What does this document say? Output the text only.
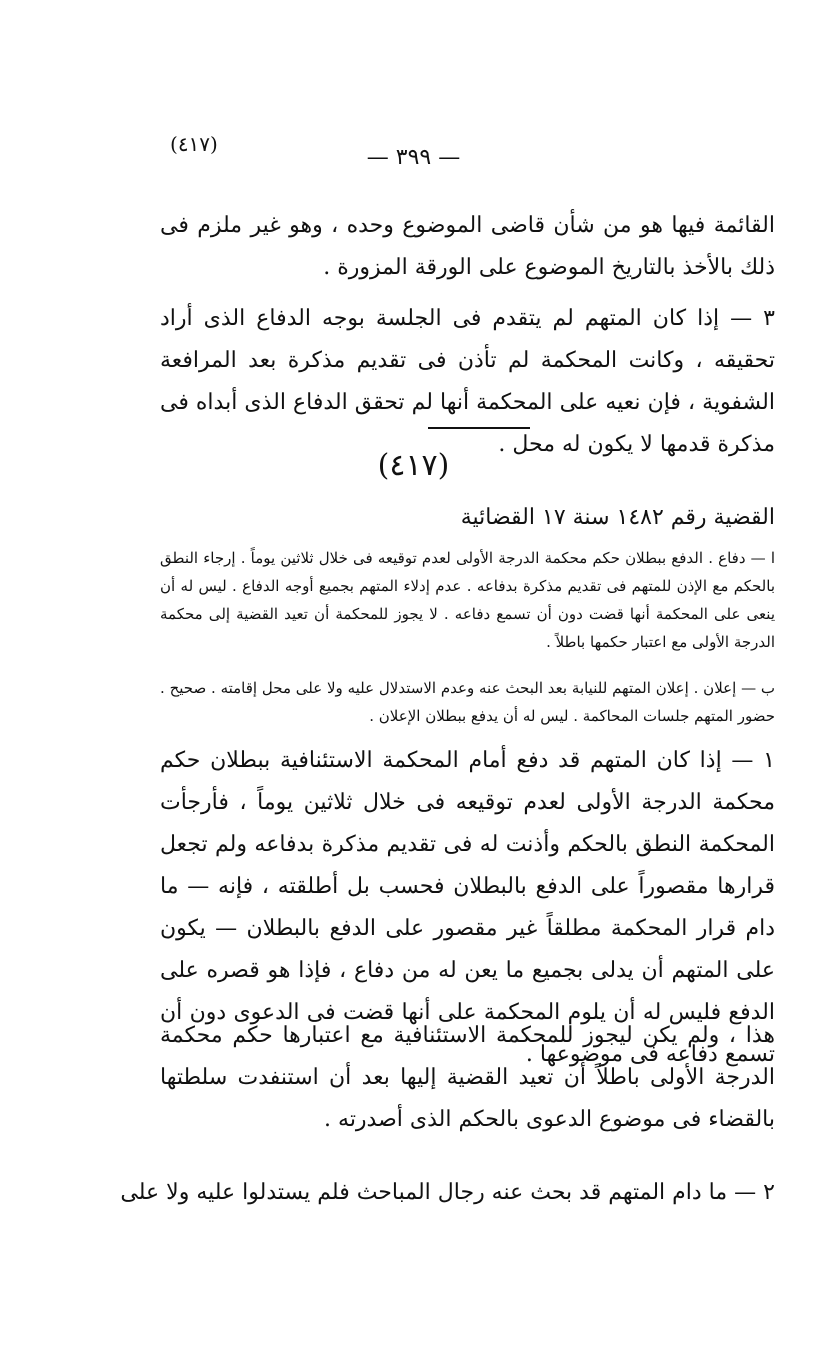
(٤١٧)
— ٣٩٩ —
القائمة فيها هو من شأن قاضى الموضوع وحده ، وهو غير ملزم فى ذلك بالأخذ بالتاريخ الموضوع على الورقة المزورة .
٣ — إذا كان المتهم لم يتقدم فى الجلسة بوجه الدفاع الذى أراد تحقيقه ، وكانت المحكمة لم تأذن فى تقديم مذكرة بعد المرافعة الشفوية ، فإن نعيه على المحكمة أنها لم تحقق الدفاع الذى أبداه فى مذكرة قدمها لا يكون له محل .
(٤١٧)
القضية رقم ١٤٨٢ سنة ١٧ القضائية
ا — دفاع . الدفع ببطلان حكم محكمة الدرجة الأولى لعدم توقيعه فى خلال ثلاثين يوماً . إرجاء النطق بالحكم مع الإذن للمتهم فى تقديم مذكرة بدفاعه . عدم إدلاء المتهم بجميع أوجه الدفاع . ليس له أن ينعى على المحكمة أنها قضت دون أن تسمع دفاعه . لا يجوز للمحكمة أن تعيد القضية إلى محكمة الدرجة الأولى مع اعتبار حكمها باطلاً .
ب — إعلان . إعلان المتهم للنيابة بعد البحث عنه وعدم الاستدلال عليه ولا على محل إقامته . صحيح . حضور المتهم جلسات المحاكمة . ليس له أن يدفع ببطلان الإعلان .
١ — إذا كان المتهم قد دفع أمام المحكمة الاستئنافية ببطلان حكم محكمة الدرجة الأولى لعدم توقيعه فى خلال ثلاثين يوماً ، فأرجأت المحكمة النطق بالحكم وأذنت له فى تقديم مذكرة بدفاعه ولم تجعل قرارها مقصوراً على الدفع بالبطلان فحسب بل أطلقته ، فإنه — ما دام قرار المحكمة مطلقاً غير مقصور على الدفع بالبطلان — يكون على المتهم أن يدلى بجميع ما يعن له من دفاع ، فإذا هو قصره على الدفع فليس له أن يلوم المحكمة على أنها قضت فى الدعوى دون أن تسمع دفاعه فى موضوعها .
هذا ، ولم يكن ليجوز للمحكمة الاستئنافية مع اعتبارها حكم محكمة الدرجة الأولى باطلاً أن تعيد القضية إليها بعد أن استنفدت سلطتها بالقضاء فى موضوع الدعوى بالحكم الذى أصدرته .
٢ — ما دام المتهم قد بحث عنه رجال المباحث فلم يستدلوا عليه ولا على
